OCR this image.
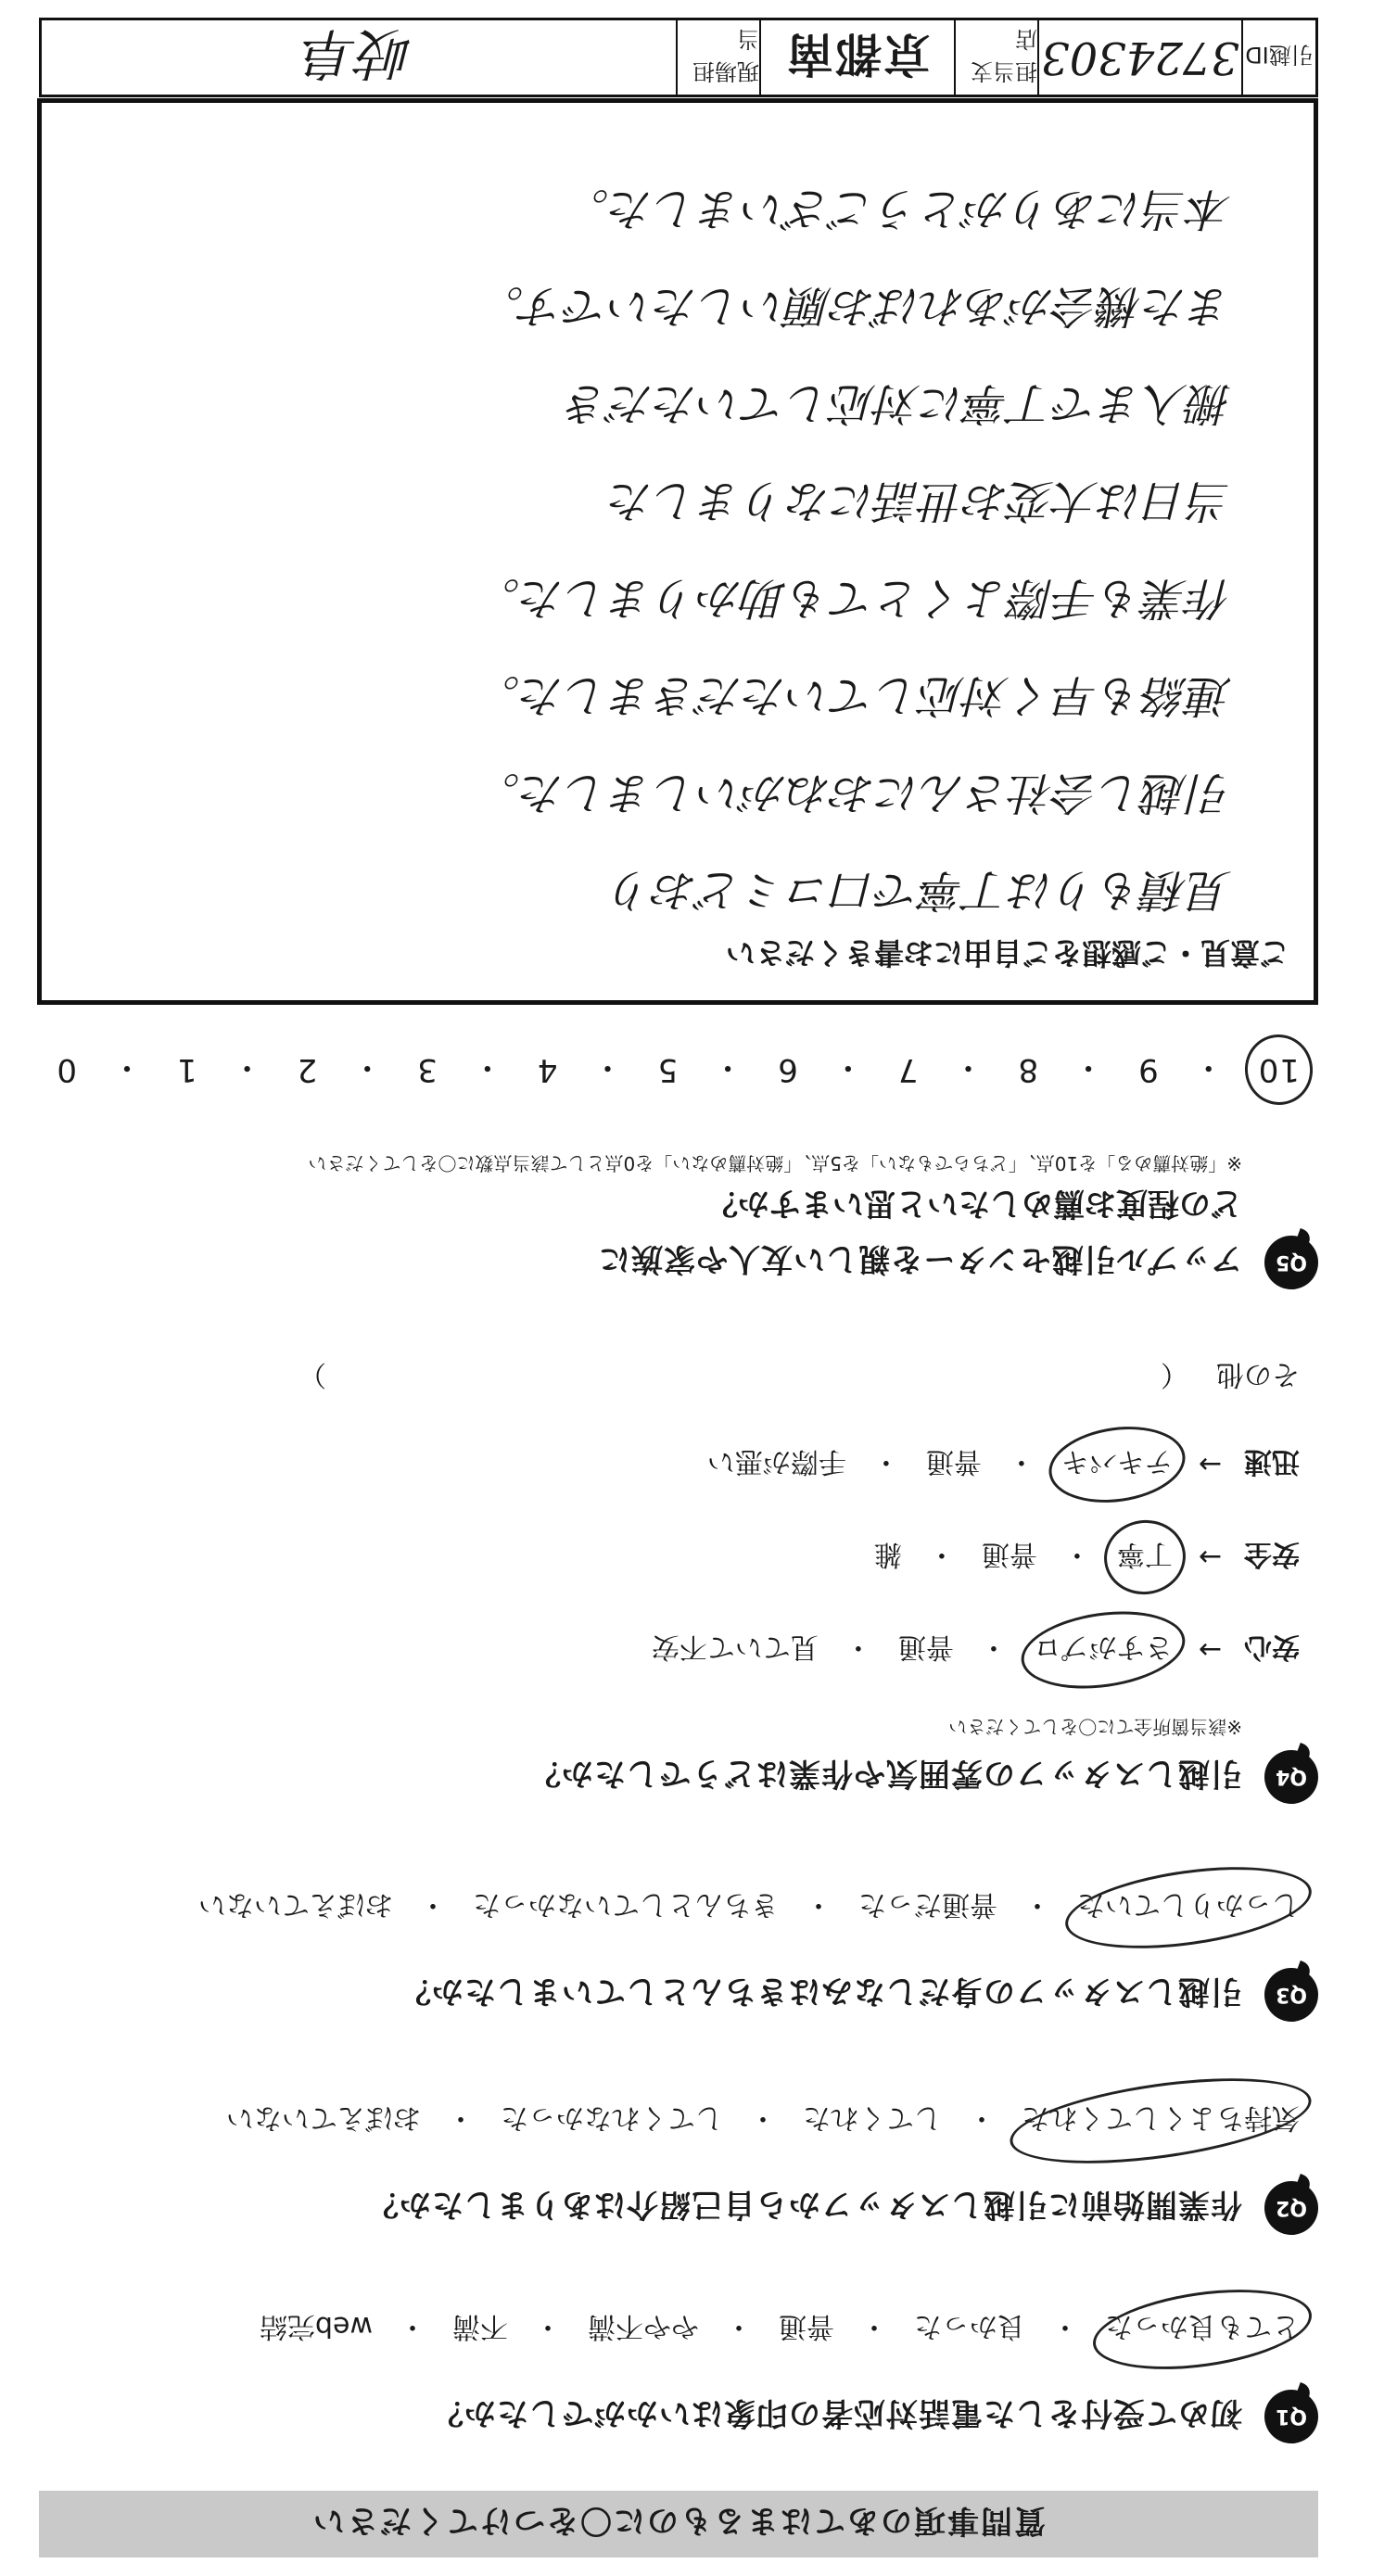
質問事項のあてはまるものに〇をつけてください
Q1
初めて受付をした電話対応者の印象はいかがでしたか？
とても良かった
・
良かった
・
普通
・
やや不満
・
不満
・
web完結
Q2
作業開始前に引越しスタッフから自己紹介はありましたか？
気持ちよくしてくれた
・
してくれた
・
してくれなかった
・
おぼえていない
Q3
引越しスタッフの身だしなみはきちんとしていましたか？
しっかりしていた
・
普通だった
・
きちんとしていなかった
・
おぼえていない
Q4
引越しスタッフの雰囲気や作業はどうでしたか？
※該当箇所全てに〇をしてください
安心
→
さすがプロ
・
普通
・
見ていて不安
安全
→
丁寧
・
普通
・
雑
迅速
→
テキパキ
・
普通
・
手際が悪い
その他
（
）
Q5
アップル引越センターを親しい友人や家族に
どの程度お薦めしたいと思いますか？
※「絶対薦める」を10点、「どちらでもない」を5点、「絶対薦めない」を0点として該当点数に〇をしてください
10
・
9
・
8
・
7
・
6
・
5
・
4
・
3
・
2
・
1
・
0
ご意見・ご感想をご自由にお書きください
見積もりは丁寧で口コミどおり
引越し会社さんにおねがいしました。
連絡も早く対応していただきました。
作業も手際よくとても助かりました。
当日は大変お世話になりました
搬入まで丁寧に対応していただき
また機会があればお願いしたいです。
本当にありがとうございました。
引越ID
3724303
担当支店
京都南
現場担当
岐阜
